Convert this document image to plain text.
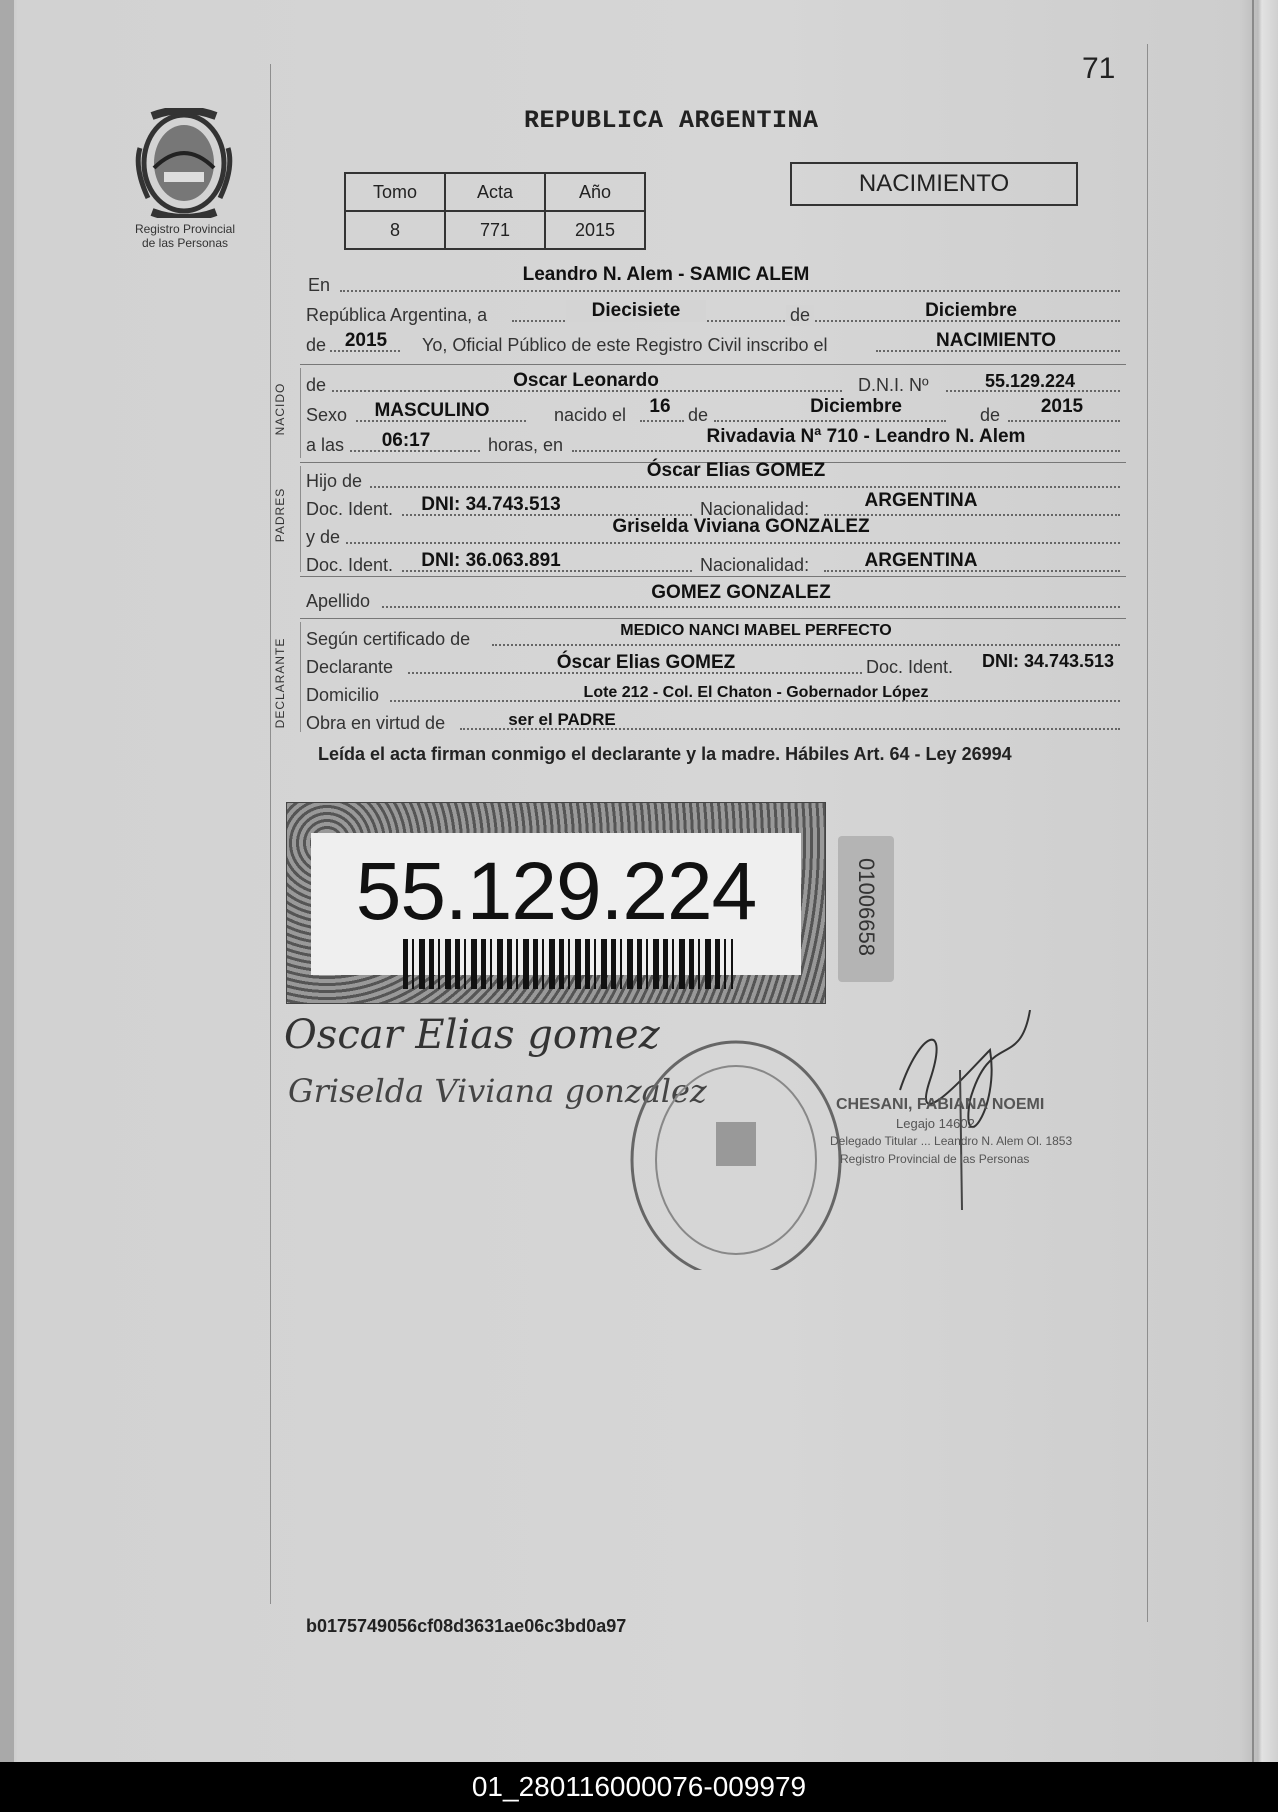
71
Registro Provincial
de las Personas
REPUBLICA ARGENTINA
Tomo	Acta	Año
8	771	2015
NACIMIENTO
En	Leandro N. Alem - SAMIC ALEM
República Argentina, a	Diecisiete	de	Diciembre
de 2015	Yo, Oficial Público de este Registro Civil inscribo el	NACIMIENTO
NACIDO de	Oscar Leonardo	D.N.I. Nº	55.129.224
Sexo	MASCULINO	nacido el	16 de	Diciembre	de	2015
a las	06:17	horas, en	Rivadavia Nª 710 - Leandro N. Alem
PADRES
Hijo de	Óscar Elias GOMEZ
Doc. Ident.	DNI: 34.743.513	Nacionalidad:	ARGENTINA
y de	Griselda Viviana GONZALEZ
Doc. Ident.	DNI: 36.063.891	Nacionalidad:	ARGENTINA
Apellido	GOMEZ GONZALEZ
DECLARANTE Según certificado de	MEDICO NANCI MABEL PERFECTO
Declarante	Óscar Elias GOMEZ	Doc. Ident.	DNI: 34.743.513
Domicilio	Lote 212 - Col. El Chaton - Gobernador López
Obra en virtud de	ser el PADRE
Leída el acta firman conmigo el declarante y la madre. Hábiles Art. 64 - Ley 26994
55.129.224	01006658
Oscar Elias gomez
Griselda Viviana gonzalez	CHESANI, FABIANA NOEMI
Legajo 14602
Delegado Titular ... Leandro N. Alem Ol. 1853
Registro Provincial de las Personas
b0175749056cf08d3631ae06c3bd0a97
01_280116000076-009979
